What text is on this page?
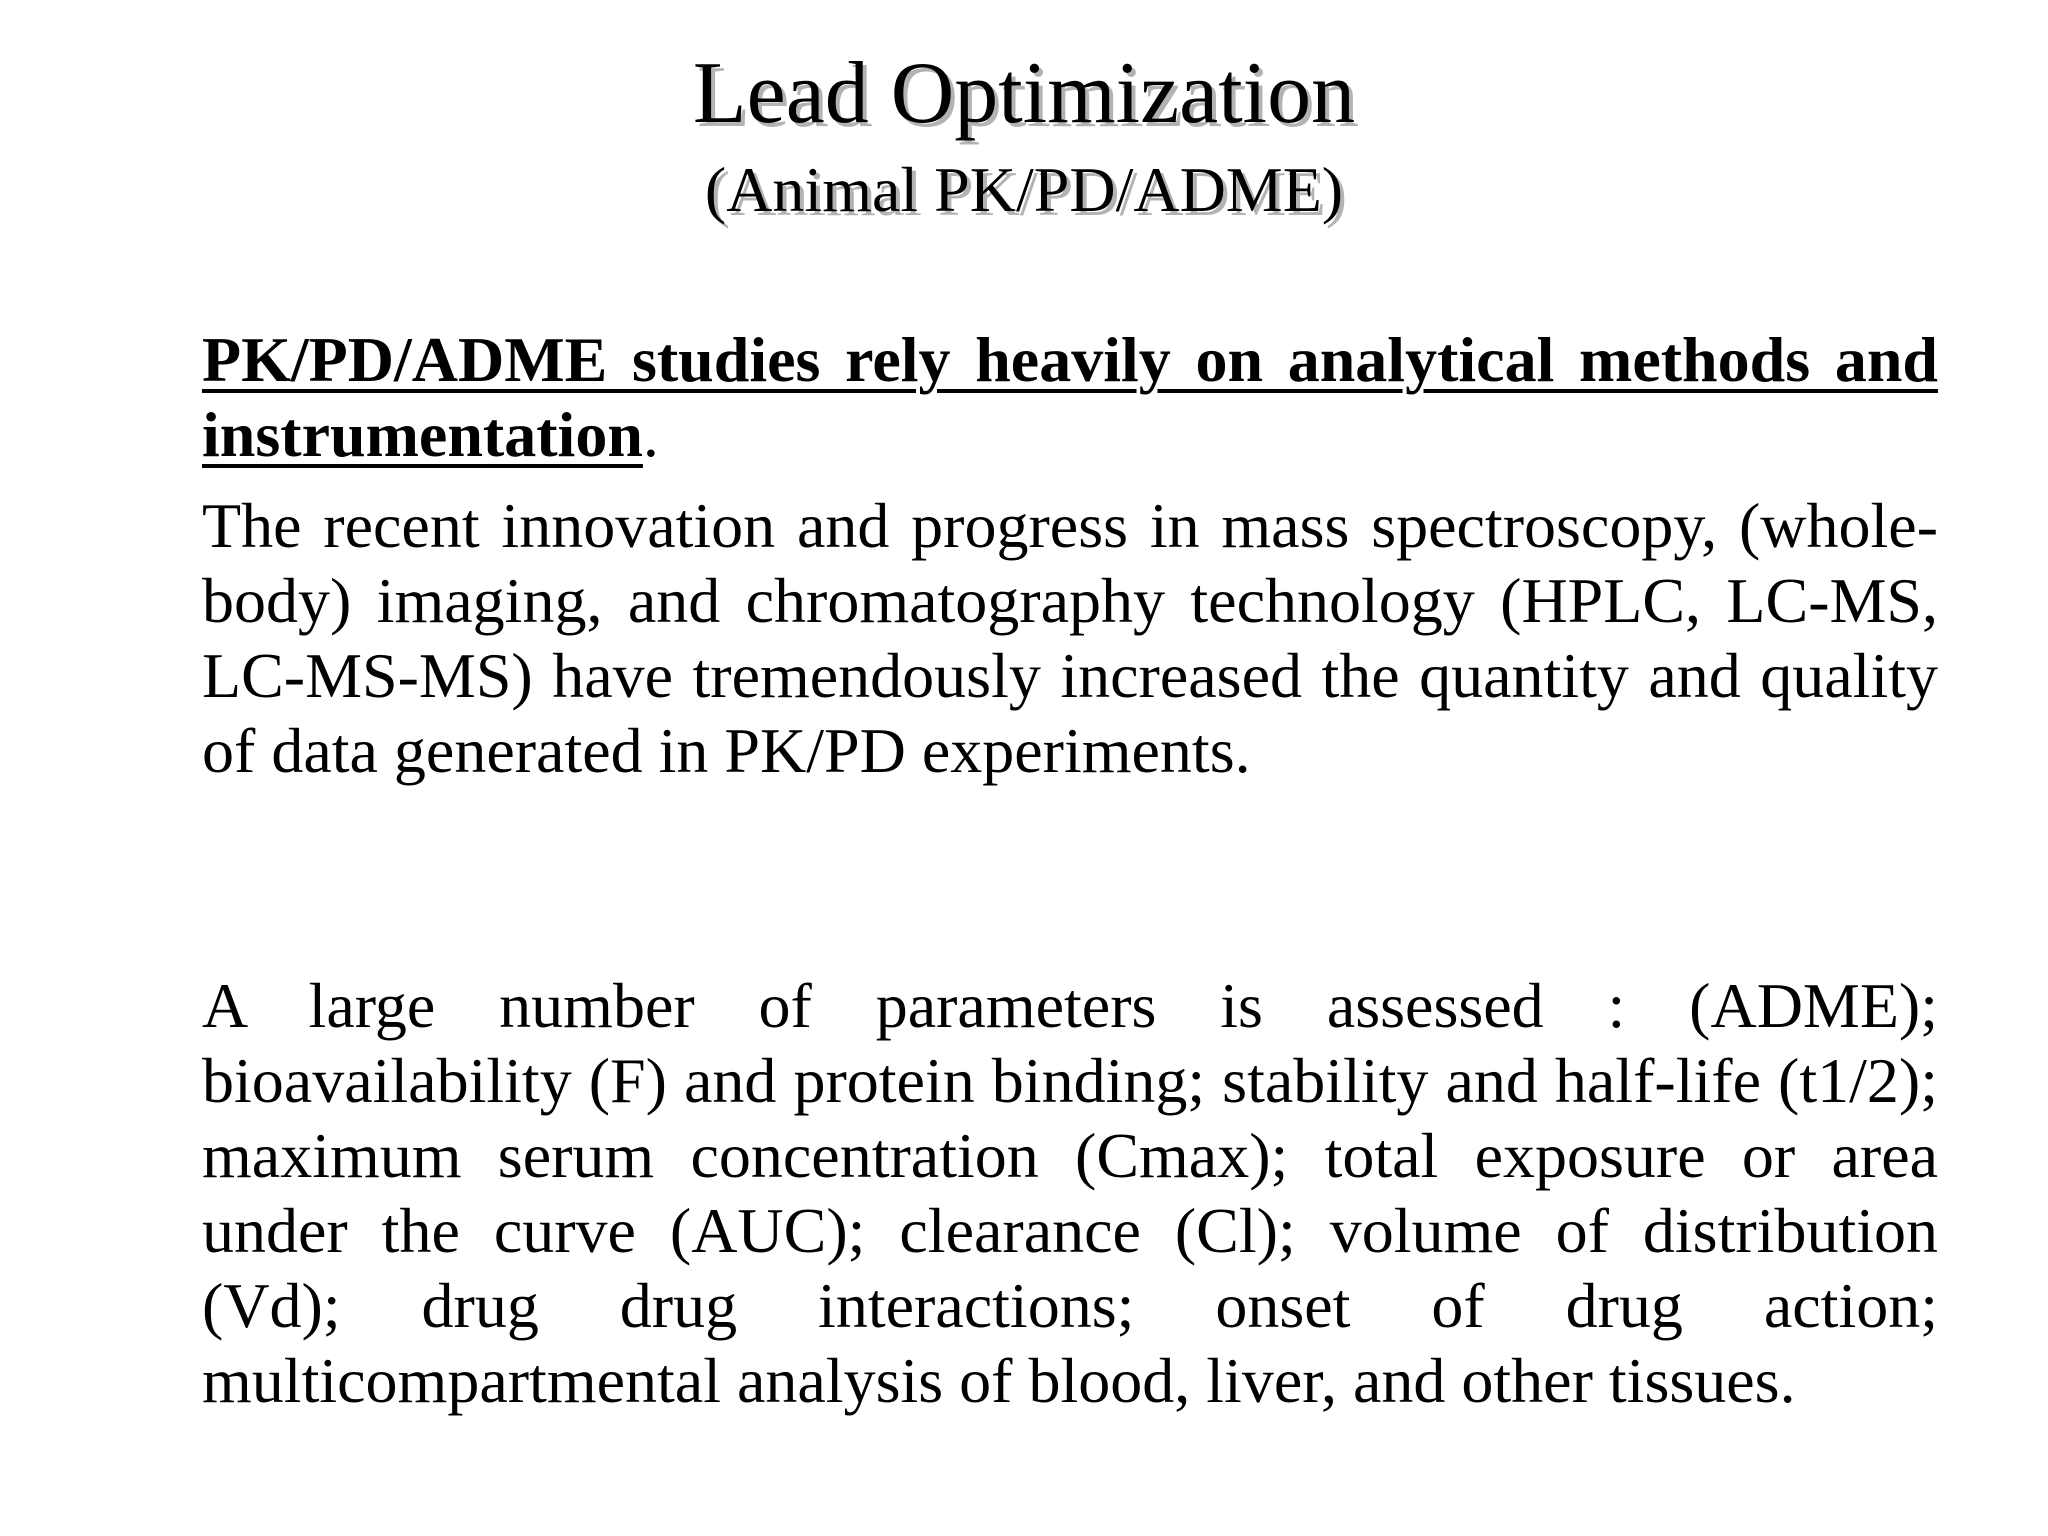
Lead Optimization
(Animal PK/PD/ADME)
PK/PD/ADME studies rely heavily on analytical methods and instrumentation.
The recent innovation and progress in mass spectroscopy, (whole-body) imaging, and chromatography technology (HPLC, LC-MS, LC-MS-MS) have tremendously increased the quantity and quality of data generated in PK/PD experiments.
A large number of parameters is assessed : (ADME); bioavailability (F) and protein binding; stability and half-life (t1/2); maximum serum concentration (Cmax); total exposure or area under the curve (AUC); clearance (Cl); volume of distribution (Vd); drug drug interactions; onset of drug action; multicompartmental analysis of blood, liver, and other tissues.
